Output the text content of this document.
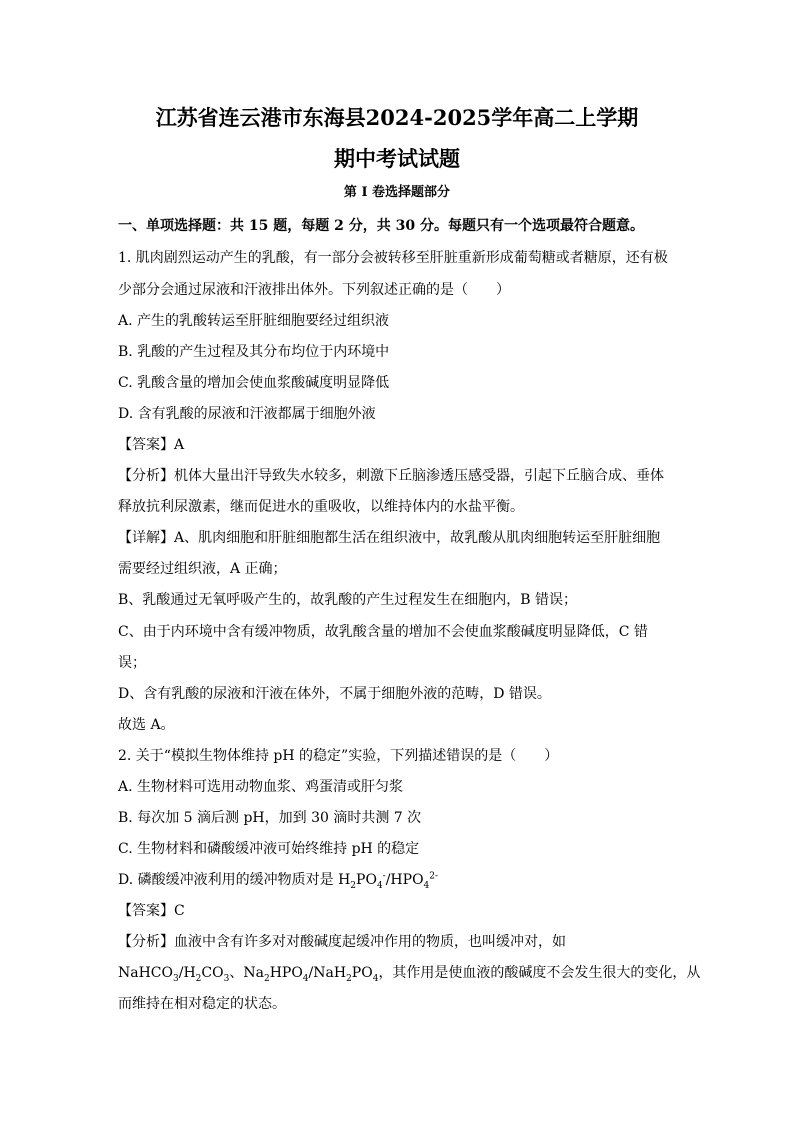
江苏省连云港市东海县2024-2025学年高二上学期
期中考试试题
第 I 卷选择题部分
一、单项选择题：共 15 题，每题 2 分，共 30 分。每题只有一个选项最符合题意。
1. 肌肉剧烈运动产生的乳酸，有一部分会被转移至肝脏重新形成葡萄糖或者糖原，还有极
少部分会通过尿液和汗液排出体外。下列叙述正确的是（　　）
A. 产生的乳酸转运至肝脏细胞要经过组织液
B. 乳酸的产生过程及其分布均位于内环境中
C. 乳酸含量的增加会使血浆酸碱度明显降低
D. 含有乳酸的尿液和汗液都属于细胞外液
【答案】A
【分析】机体大量出汗导致失水较多，刺激下丘脑渗透压感受器，引起下丘脑合成、垂体
释放抗利尿激素，继而促进水的重吸收，以维持体内的水盐平衡。
【详解】A、肌肉细胞和肝脏细胞都生活在组织液中，故乳酸从肌肉细胞转运至肝脏细胞
需要经过组织液，A 正确；
B、乳酸通过无氧呼吸产生的，故乳酸的产生过程发生在细胞内，B 错误；
C、由于内环境中含有缓冲物质，故乳酸含量的增加不会使血浆酸碱度明显降低，C 错
误；
D、含有乳酸的尿液和汗液在体外，不属于细胞外液的范畴，D 错误。
故选 A。
2. 关于“模拟生物体维持 pH 的稳定”实验，下列描述错误的是（　　）
A. 生物材料可选用动物血浆、鸡蛋清或肝匀浆
B. 每次加 5 滴后测 pH，加到 30 滴时共测 7 次
C. 生物材料和磷酸缓冲液可始终维持 pH 的稳定
D. 磷酸缓冲液利用的缓冲物质对是 $H_2PO_4^-/HPO_4^{2-}$
【答案】C
【分析】血液中含有许多对对酸碱度起缓冲作用的物质，也叫缓冲对，如
$NaHCO_3/H_2CO_3$、$Na_2HPO_4/NaH_2PO_4$，其作用是使血液的酸碱度不会发生很大的变化，从
而维持在相对稳定的状态。
